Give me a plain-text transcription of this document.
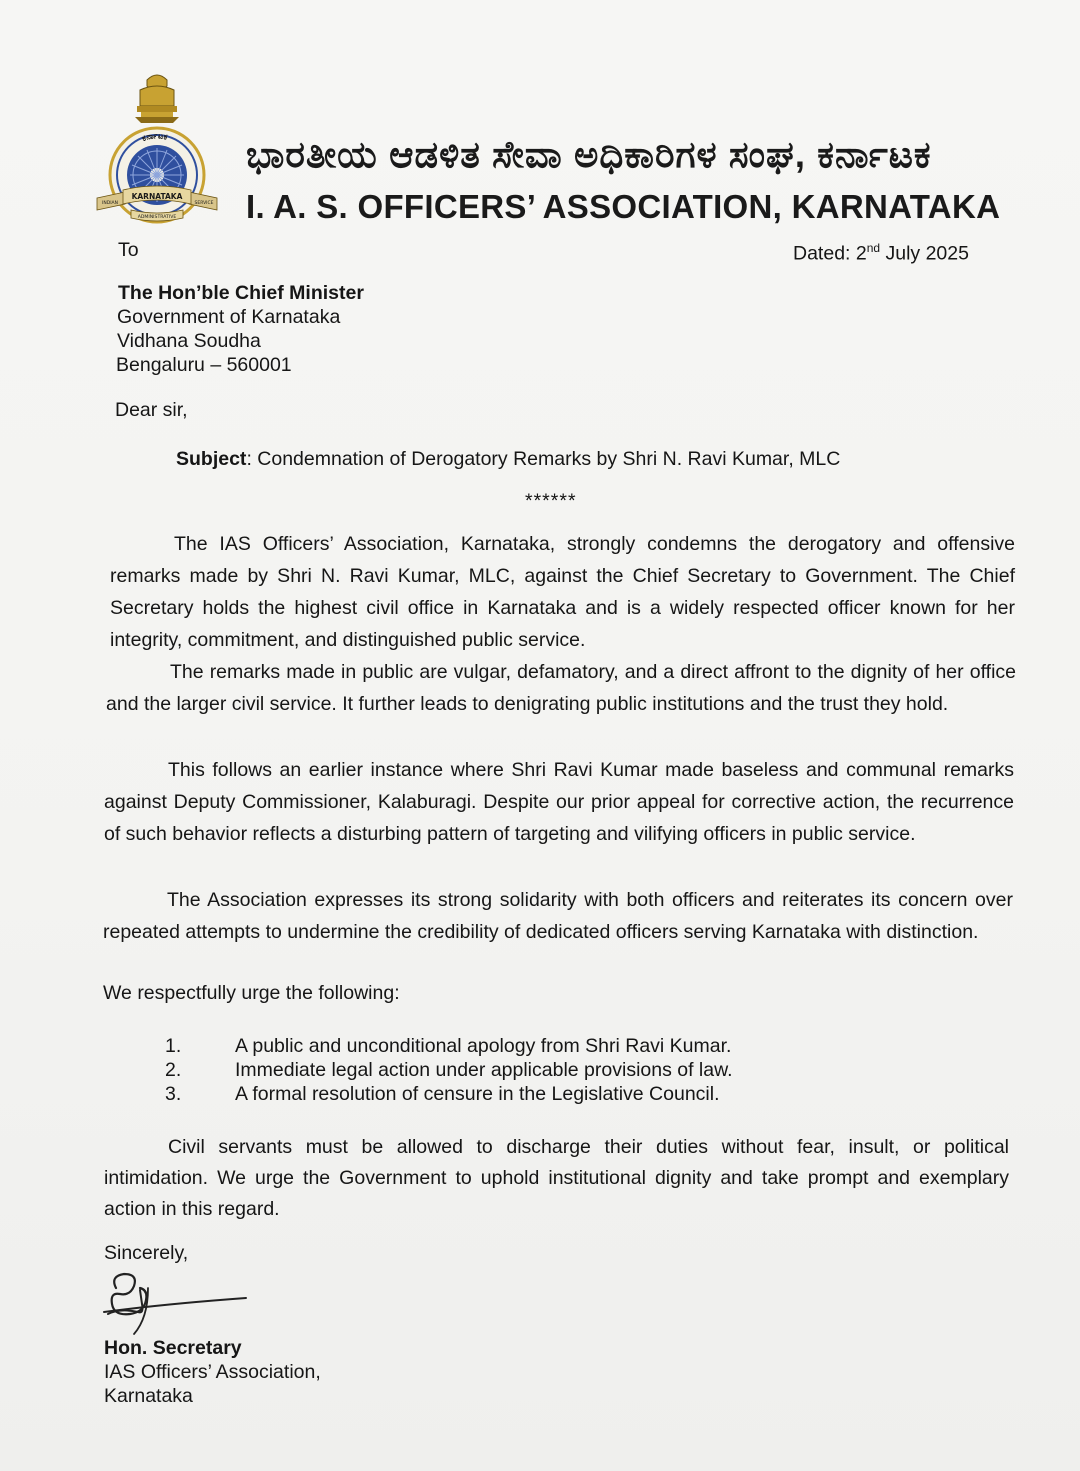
ಕರ್ನಾಟಕ
KARNATAKA
INDIAN	SERVICE
ADMINISTRATIVE
ಭಾರತೀಯ ಆಡಳಿತ ಸೇವಾ ಅಧಿಕಾರಿಗಳ ಸಂಘ, ಕರ್ನಾಟಕ
I. A. S. OFFICERS’ ASSOCIATION, KARNATAKA
To	Dated: 2nd July 2025
The Hon’ble Chief Minister
Government of Karnataka
Vidhana Soudha
Bengaluru – 560001
Dear sir,
Subject: Condemnation of Derogatory Remarks by Shri N. Ravi Kumar, MLC
******

The IAS Officers’ Association, Karnataka, strongly condemns the derogatory and offensive remarks made by Shri N. Ravi Kumar, MLC, against the Chief Secretary to Government. The Chief Secretary holds the highest civil office in Karnataka and is a widely respected officer known for her integrity, commitment, and distinguished public service.

The remarks made in public are vulgar, defamatory, and a direct affront to the dignity of her office and the larger civil service. It further leads to denigrating public institutions and the trust they hold.

This follows an earlier instance where Shri Ravi Kumar made baseless and communal remarks against Deputy Commissioner, Kalaburagi. Despite our prior appeal for corrective action, the recurrence of such behavior reflects a disturbing pattern of targeting and vilifying officers in public service.

The Association expresses its strong solidarity with both officers and reiterates its concern over repeated attempts to undermine the credibility of dedicated officers serving Karnataka with distinction.

We respectfully urge the following:
1.	A public and unconditional apology from Shri Ravi Kumar.
2.	Immediate legal action under applicable provisions of law.
3.	A formal resolution of censure in the Legislative Council.

Civil servants must be allowed to discharge their duties without fear, insult, or political intimidation. We urge the Government to uphold institutional dignity and take prompt and exemplary action in this regard.

Sincerely,
Hon. Secretary
IAS Officers’ Association,
Karnataka
